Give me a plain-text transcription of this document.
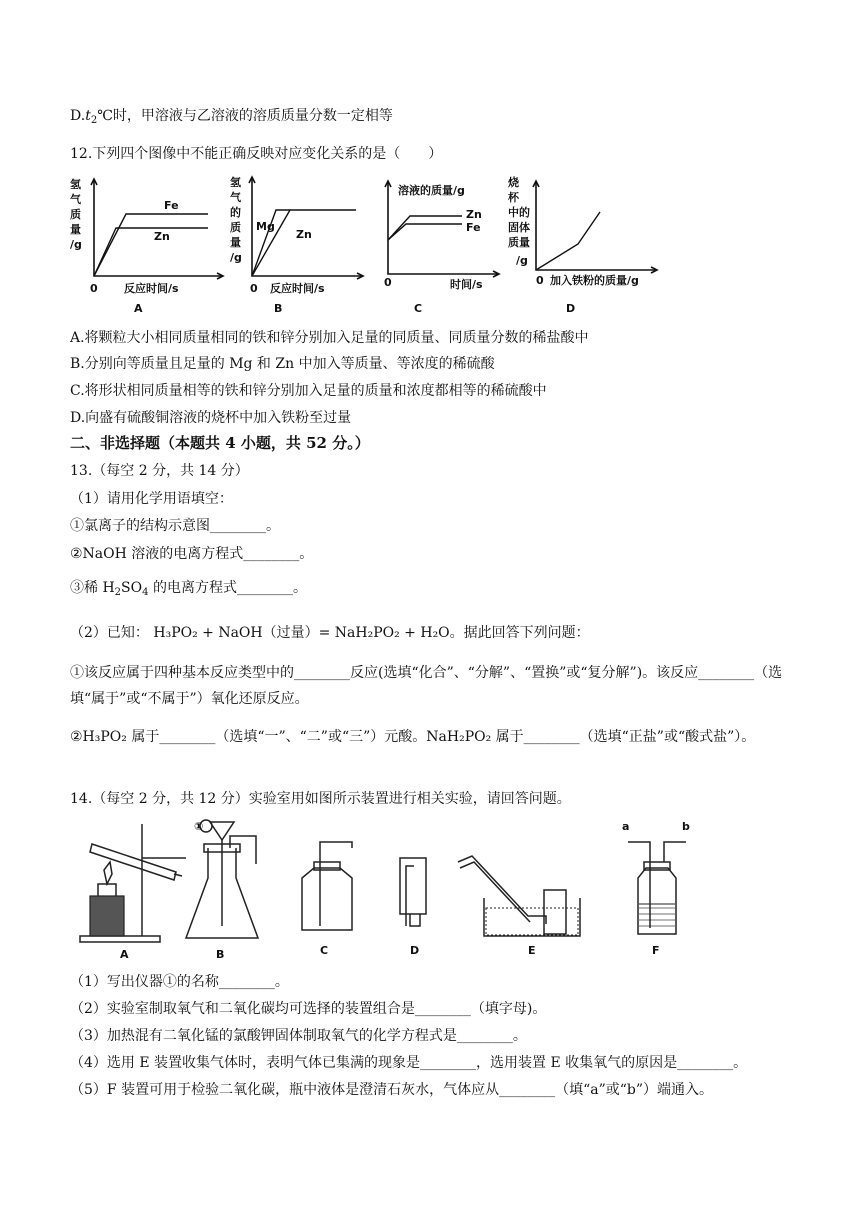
$D.t_2℃$时，甲溶液与乙溶液的溶质质量分数一定相等
12.下列四个图像中不能正确反映对应变化关系的是（　　）
氢
气
质
量
/g
Fe
Zn
0 反应时间/s
A
氢
气
的
质
量
/g
Mg
Zn
0 反应时间/s
B
溶液的质量/g
Zn
Fe
0	时间/s
C
烧
杯
中的
固体
质量
/g
0 加入铁粉的质量/g
D
A.将颗粒大小相同质量相同的铁和锌分别加入足量的同质量、同质量分数的稀盐酸中
B.分别向等质量且足量的 Mg 和 Zn 中加入等质量、等浓度的稀硫酸
C.将形状相同质量相等的铁和锌分别加入足量的质量和浓度都相等的稀硫酸中
D.向盛有硫酸铜溶液的烧杯中加入铁粉至过量
二、非选择题（本题共 4 小题，共 52 分。）
13.（每空 2 分，共 14 分）
（1）请用化学用语填空：
①氯离子的结构示意图________。
②NaOH 溶液的电离方程式________。
③稀 $H_2SO_4$ 的电离方程式________。
（2）已知： H₃PO₂ + NaOH（过量）= NaH₂PO₂ + H₂O。据此回答下列问题：
①该反应属于四种基本反应类型中的________反应(选填“化合”、“分解”、“置换”或“复分解”)。该反应________（选填“属于”或“不属于”）氧化还原反应。
②H₃PO₂ 属于________（选填“一”、“二”或“三”）元酸。NaH₂PO₂ 属于________（选填“正盐”或“酸式盐”）。
14.（每空 2 分，共 12 分）实验室用如图所示装置进行相关实验，请回答问题。
A
①
B	C	D	E
a	b
F
（1）写出仪器①的名称________。
（2）实验室制取氧气和二氧化碳均可选择的装置组合是________（填字母)。
（3）加热混有二氧化锰的氯酸钾固体制取氧气的化学方程式是________。
（4）选用 E 装置收集气体时，表明气体已集满的现象是________，选用装置 E 收集氧气的原因是________。
（5）F 装置可用于检验二氧化碳，瓶中液体是澄清石灰水，气体应从________（填“a”或“b”）端通入。
